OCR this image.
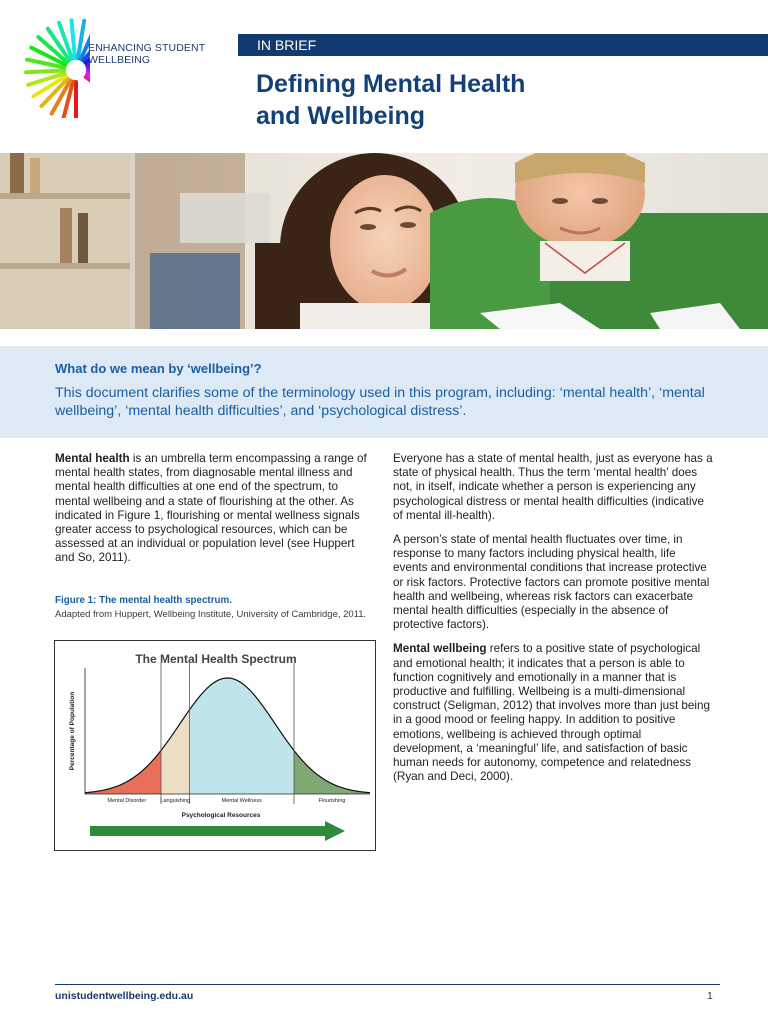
ENHANCING STUDENT
WELLBEING
IN BRIEF
Defining Mental Health
and Wellbeing
What do we mean by ‘wellbeing’?
This document clarifies some of the terminology used in this program, including: ‘mental health’, ‘mental wellbeing’, ‘mental health difficulties’, and ‘psychological distress’.

Mental health is an umbrella term encompassing a range of mental health states, from diagnosable mental illness and mental health difficulties at one end of the spectrum, to mental wellbeing and a state of flourishing at the other. As indicated in Figure 1, flourishing or mental wellness signals greater access to psychological resources, which can be assessed at an individual or population level (see Huppert and So, 2011).

Figure 1: The mental health spectrum.
Adapted from Huppert, Wellbeing Institute, University of Cambridge, 2011.
The Mental Health Spectrum
Percentage of Population
Psychological Resources
Mental Disorder	Languishing	Mental Wellness	Flourishing

Everyone has a state of mental health, just as everyone has a state of physical health. Thus the term ‘mental health’ does not, in itself, indicate whether a person is experiencing any psychological distress or mental health difficulties (indicative of mental ill-health).

A person’s state of mental health fluctuates over time, in response to many factors including physical health, life events and environmental conditions that increase protective or risk factors. Protective factors can promote positive mental health and wellbeing, whereas risk factors can exacerbate mental health difficulties (especially in the absence of protective factors).

Mental wellbeing refers to a positive state of psychological and emotional health; it indicates that a person is able to function cognitively and emotionally in a manner that is productive and fulfilling. Wellbeing is a multi-dimensional construct (Seligman, 2012) that involves more than just being in a good mood or feeling happy. In addition to positive emotions, wellbeing is achieved through optimal development, a ‘meaningful’ life, and satisfaction of basic human needs for autonomy, competence and relatedness (Ryan and Deci, 2000).

unistudentwellbeing.edu.au	1
